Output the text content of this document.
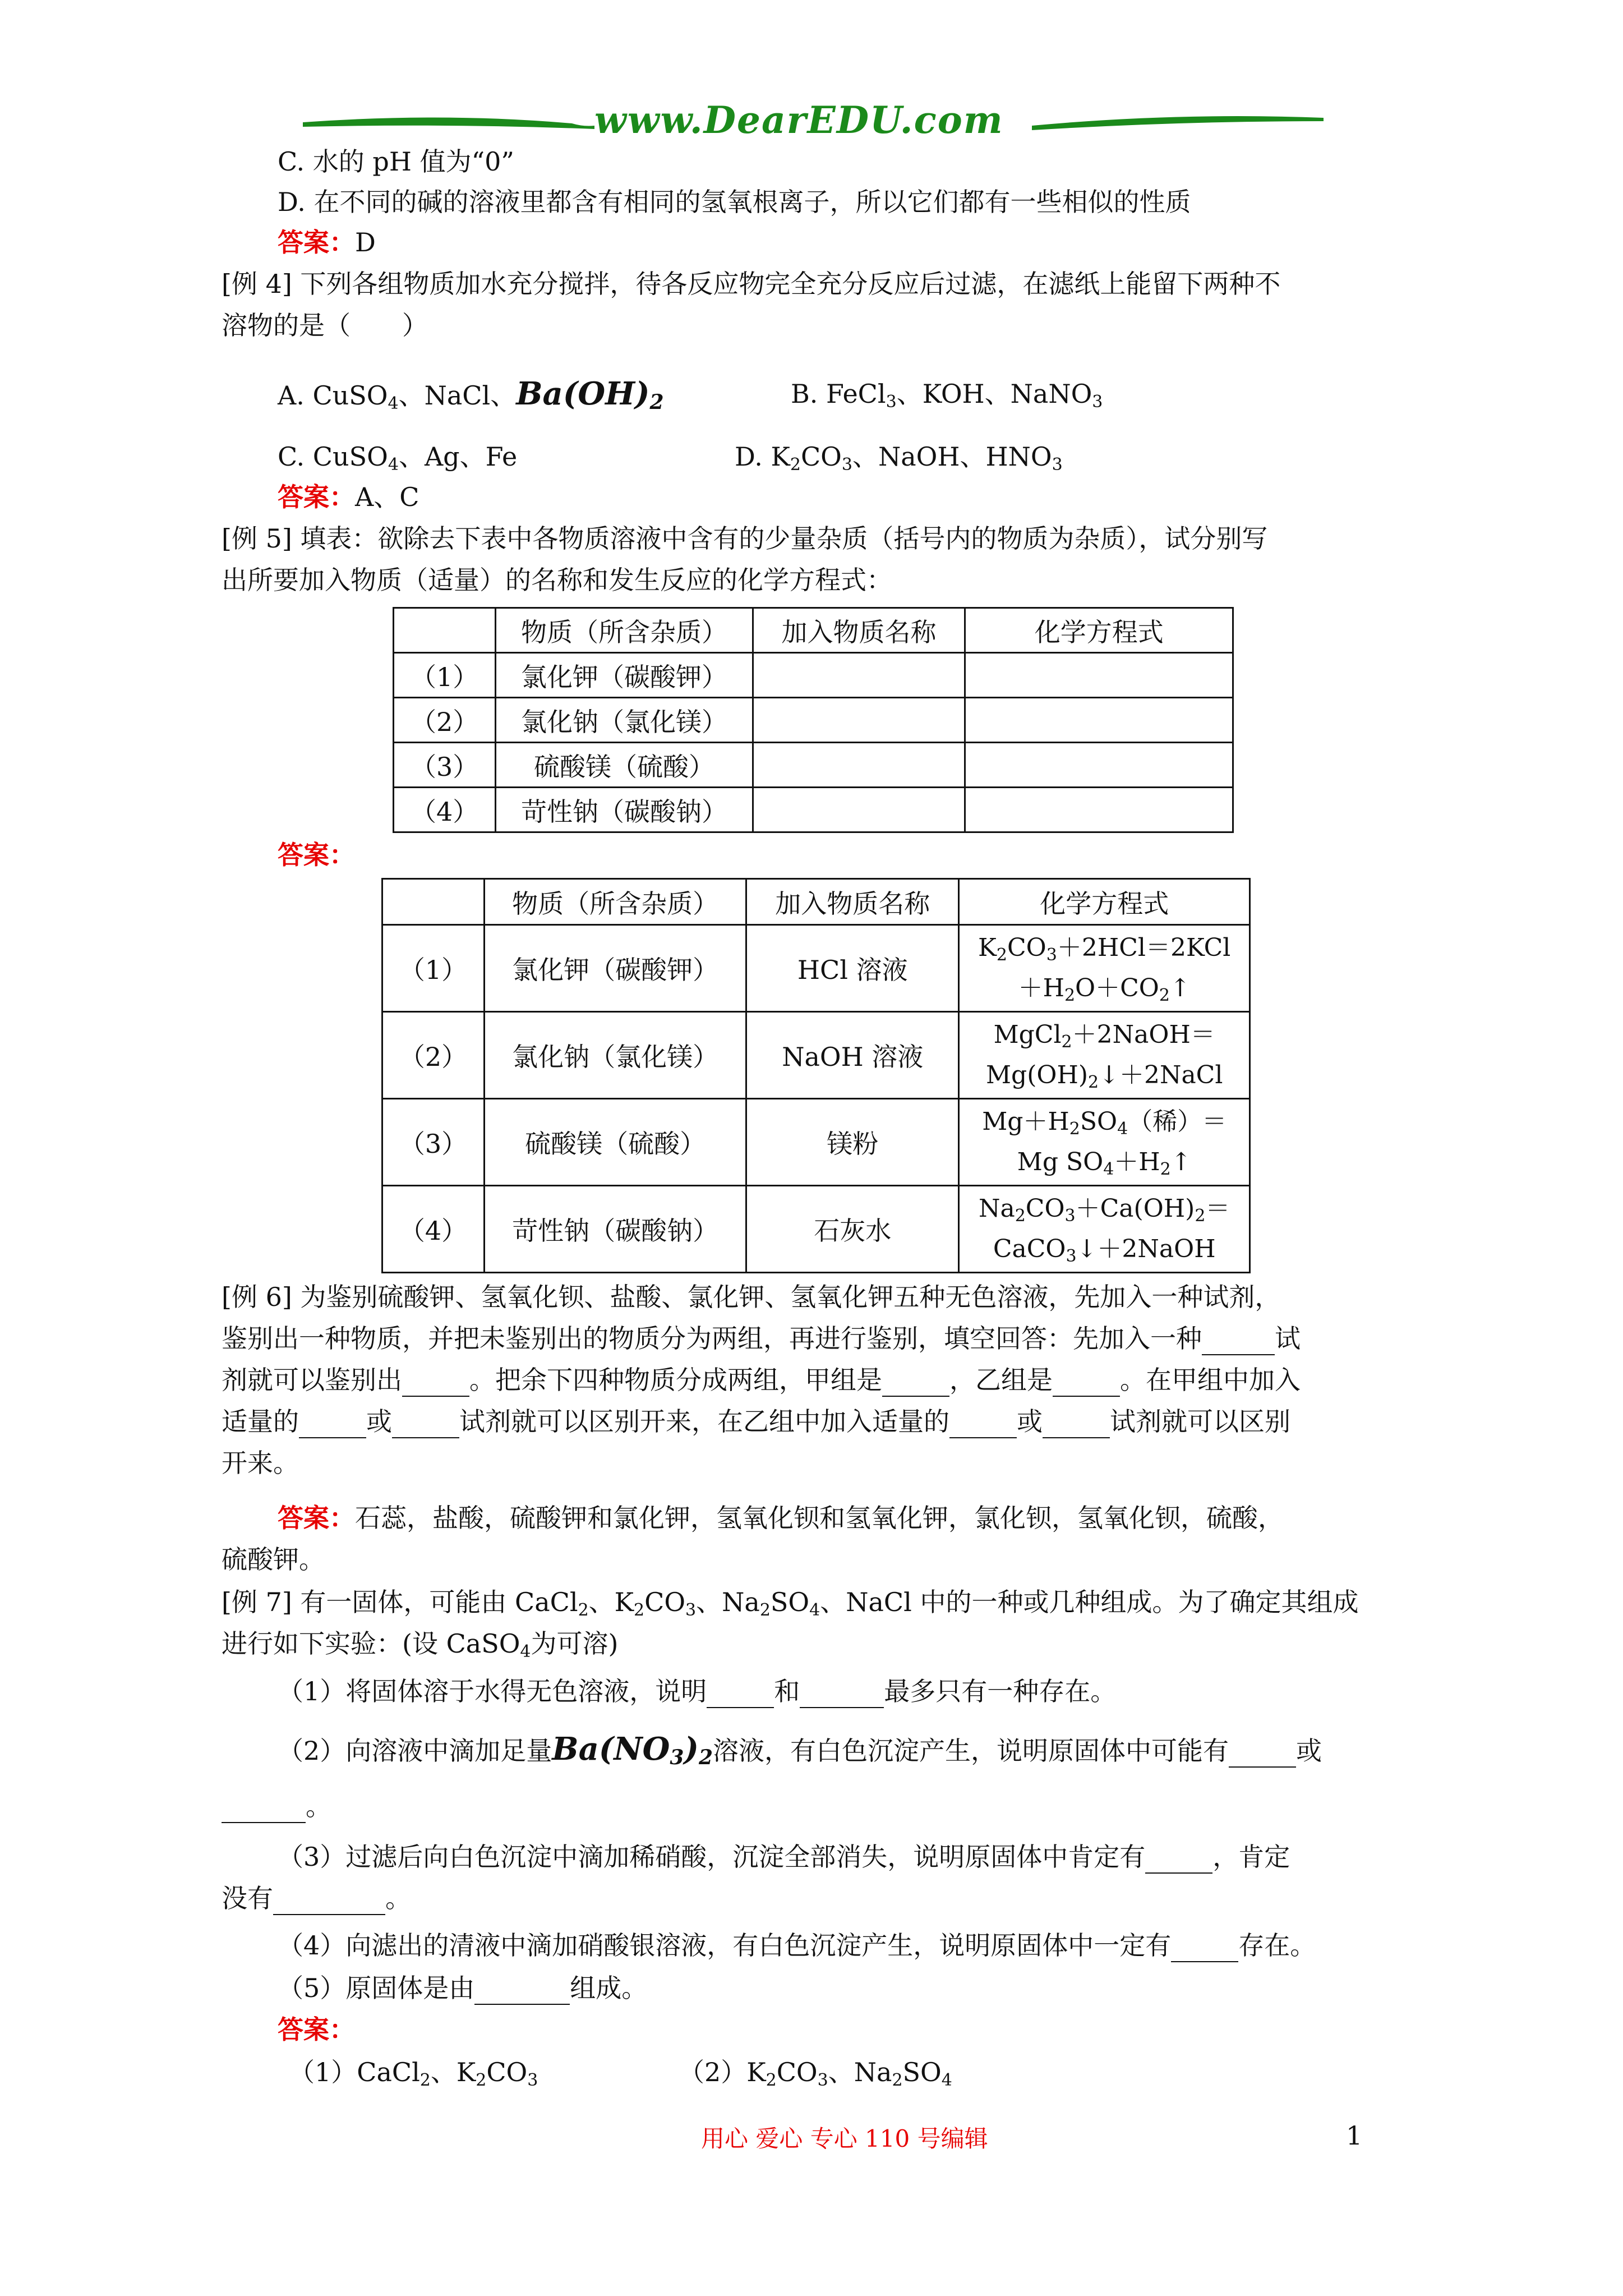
www.DearEDU.com
C. 水的 pH 值为“0”
D. 在不同的碱的溶液里都含有相同的氢氧根离子，所以它们都有一些相似的性质
答案：D
[例 4] 下列各组物质加水充分搅拌，待各反应物完全充分反应后过滤，在滤纸上能留下两种不
溶物的是（　　）
A. CuSO$_4$、NaCl、$Ba(OH)_2$	B. FeCl$_3$、KOH、NaNO$_3$
C. CuSO$_4$、Ag、Fe	D. $K_2CO_3$、NaOH、$HNO_3$
答案：A、C
[例 5] 填表：欲除去下表中各物质溶液中含有的少量杂质（括号内的物质为杂质），试分别写
出所要加入物质（适量）的名称和发生反应的化学方程式：
	物质（所含杂质）	加入物质名称	化学方程式
（1）	氯化钾（碳酸钾）		
（2）	氯化钠（氯化镁）		
（3）	硫酸镁（硫酸）		
（4）	苛性钠（碳酸钠）		
答案：
	物质（所含杂质）	加入物质名称	化学方程式
（1）	氯化钾（碳酸钾）	HCl 溶液	$K_2CO_3+2HCl=2KCl$
$+H_2O+CO_2↑$

（2）	氯化钠（氯化镁）	NaOH 溶液	MgCl$_2$＋2NaOH＝
$Mg(OH)_2↓+2NaCl$

（3）	硫酸镁（硫酸）	镁粉	$Mg+H_2SO_4$（稀）＝
Mg $SO_4+H_2↑$

（4）	苛性钠（碳酸钠）	石灰水	$Na_2CO_3+Ca(OH)_2=$
CaCO$_3$↓＋2NaOH
[例 6] 为鉴别硫酸钾、氢氧化钡、盐酸、氯化钾、氢氧化钾五种无色溶液，先加入一种试剂，
鉴别出一种物质，并把未鉴别出的物质分为两组，再进行鉴别，填空回答：先加入一种	试
剂就可以鉴别出	。把余下四种物质分成两组，甲组是	，乙组是	。在甲组中加入
适量的	或	试剂就可以区别开来，在乙组中加入适量的	或	试剂就可以区别
开来。
答案：石蕊，盐酸，硫酸钾和氯化钾，氢氧化钡和氢氧化钾，氯化钡，氢氧化钡，硫酸，
硫酸钾。
[例 7] 有一固体，可能由 CaCl$_2$、$K_2CO_3$、$Na_2SO_4$、NaCl 中的一种或几种组成。为了确定其组成
进行如下实验：(设 CaSO$_4$为可溶)
（1）将固体溶于水得无色溶液，说明	和	最多只有一种存在。
（2）向溶液中滴加足量$Ba(NO_3)_2$溶液，有白色沉淀产生，说明原固体中可能有	或
。
（3）过滤后向白色沉淀中滴加稀硝酸，沉淀全部消失，说明原固体中肯定有	，肯定
没有	。
（4）向滤出的清液中滴加硝酸银溶液，有白色沉淀产生，说明原固体中一定有	存在。
（5）原固体是由	组成。
答案：
（1）CaCl$_2$、$K_2CO_3$	$(2)K_2CO_3$、$Na_2SO_4$
用心 爱心 专心 110 号编辑	1
